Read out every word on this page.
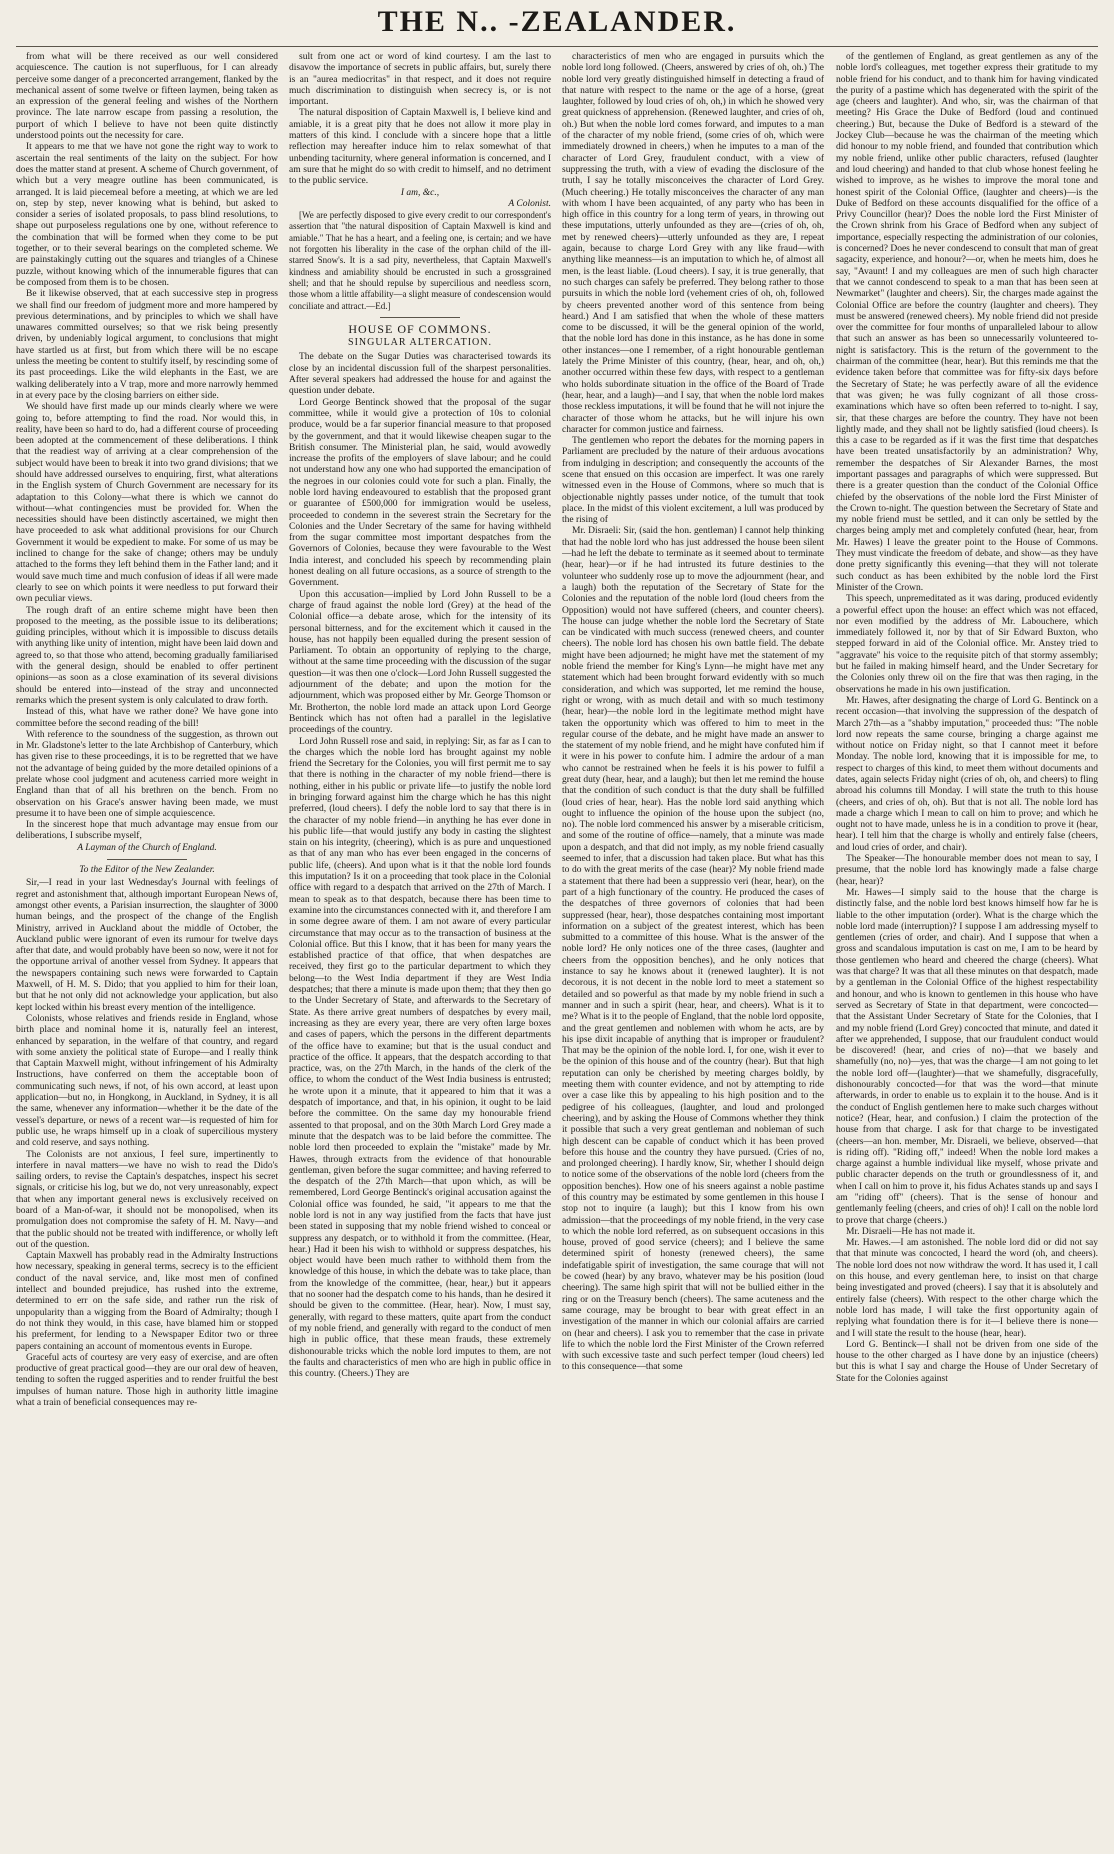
THE N.. -ZEALANDER.

from what will be there received as our well considered acquiescence. The caution is not superfluous, for I can already perceive some danger of a preconcerted arrangement, flanked by the mechanical assent of some twelve or fifteen laymen, being taken as an expression of the general feeling and wishes of the Northern province. The late narrow escape from passing a resolution, the purport of which I believe to have not been quite distinctly understood points out the necessity for care.

It appears to me that we have not gone the right way to work to ascertain the real sentiments of the laity on the subject. For how does the matter stand at present. A scheme of Church government, of which but a very meagre outline has been communicated, is arranged. It is laid piecemeal before a meeting, at which we are led on, step by step, never knowing what is behind, but asked to consider a series of isolated proposals, to pass blind resolutions, to shape out purposeless regulations one by one, without reference to the combination that will be formed when they come to be put together, or to their several bearings on the completed scheme. We are painstakingly cutting out the squares and triangles of a Chinese puzzle, without knowing which of the innumerable figures that can be composed from them is to be chosen.

Be it likewise observed, that at each successive step in progress we shall find our freedom of judgment more and more hampered by previous determinations, and by principles to which we shall have unawares committed ourselves; so that we risk being presently driven, by undeniably logical argument, to conclusions that might have startled us at first, but from which there will be no escape unless the meeting be content to stultify itself, by rescinding some of its past proceedings. Like the wild elephants in the East, we are walking deliberately into a V trap, more and more narrowly hemmed in at every pace by the closing barriers on either side.

We should have first made up our minds clearly where we were going to, before attempting to find the road. Nor would this, in reality, have been so hard to do, had a different course of proceeding been adopted at the commencement of these deliberations. I think that the readiest way of arriving at a clear comprehension of the subject would have been to break it into two grand divisions; that we should have addressed ourselves to enquiring, first, what alterations in the English system of Church Government are necessary for its adaptation to this Colony—what there is which we cannot do without—what contingencies must be provided for. When the necessities should have been distinctly ascertained, we might then have proceeded to ask what additional provisions for our Church Government it would be expedient to make. For some of us may be inclined to change for the sake of change; others may be unduly attached to the forms they left behind them in the Father land; and it would save much time and much confusion of ideas if all were made clearly to see on which points it were needless to put forward their own peculiar views.

The rough draft of an entire scheme might have been then proposed to the meeting, as the possible issue to its deliberations; guiding principles, without which it is impossible to discuss details with anything like unity of intention, might have been laid down and agreed to, so that those who attend, becoming gradually familiarised with the general design, should be enabled to offer pertinent opinions—as soon as a close examination of its several divisions should be entered into—instead of the stray and unconnected remarks which the present system is only calculated to draw forth.

Instead of this, what have we rather done? We have gone into committee before the second reading of the bill!

With reference to the soundness of the suggestion, as thrown out in Mr. Gladstone's letter to the late Archbishop of Canterbury, which has given rise to these proceedings, it is to be regretted that we have not the advantage of being guided by the more detailed opinions of a prelate whose cool judgment and acuteness carried more weight in England than that of all his brethren on the bench. From no observation on his Grace's answer having been made, we must presume it to have been one of simple acquiescence.

In the sincerest hope that much advantage may ensue from our deliberations, I subscribe myself,

A Layman of the Church of England.

To the Editor of the New Zealander.

Sir,—I read in your last Wednesday's Journal with feelings of regret and astonishment that, although important European News of, amongst other events, a Parisian insurrection, the slaughter of 3000 human beings, and the prospect of the change of the English Ministry, arrived in Auckland about the middle of October, the Auckland public were ignorant of even its rumour for twelve days after that date, and would probably have been so now, were it not for the opportune arrival of another vessel from Sydney. It appears that the newspapers containing such news were forwarded to Captain Maxwell, of H. M. S. Dido; that you applied to him for their loan, but that he not only did not acknowledge your application, but also kept locked within his breast every mention of the intelligence.

Colonists, whose relatives and friends reside in England, whose birth place and nominal home it is, naturally feel an interest, enhanced by separation, in the welfare of that country, and regard with some anxiety the political state of Europe—and I really think that Captain Maxwell might, without infringement of his Admiralty Instructions, have conferred on them the acceptable boon of communicating such news, if not, of his own accord, at least upon application—but no, in Hongkong, in Auckland, in Sydney, it is all the same, whenever any information—whether it be the date of the vessel's departure, or news of a recent war—is requested of him for public use, he wraps himself up in a cloak of supercilious mystery and cold reserve, and says nothing.

The Colonists are not anxious, I feel sure, impertinently to interfere in naval matters—we have no wish to read the Dido's sailing orders, to revise the Captain's despatches, inspect his secret signals, or criticise his log, but we do, not very unreasonably, expect that when any important general news is exclusively received on board of a Man-of-war, it should not be monopolised, when its promulgation does not compromise the safety of H. M. Navy—and that the public should not be treated with indifference, or wholly left out of the question.

Captain Maxwell has probably read in the Admiralty Instructions how necessary, speaking in general terms, secrecy is to the efficient conduct of the naval service, and, like most men of confined intellect and bounded prejudice, has rushed into the extreme, determined to err on the safe side, and rather run the risk of unpopularity than a wigging from the Board of Admiralty; though I do not think they would, in this case, have blamed him or stopped his preferment, for lending to a Newspaper Editor two or three papers containing an account of momentous events in Europe.

Graceful acts of courtesy are very easy of exercise, and are often productive of great practical good—they are our oral dew of heaven, tending to soften the rugged asperities and to render fruitful the best impulses of human nature. Those high in authority little imagine what a train of beneficial consequences may re-

sult from one act or word of kind courtesy. I am the last to disavow the importance of secrets in public affairs, but, surely there is an "aurea mediocritas" in that respect, and it does not require much discrimination to distinguish when secrecy is, or is not important.

The natural disposition of Captain Maxwell is, I believe kind and amiable, it is a great pity that he does not allow it more play in matters of this kind. I conclude with a sincere hope that a little reflection may hereafter induce him to relax somewhat of that unbending taciturnity, where general information is concerned, and I am sure that he might do so with credit to himself, and no detriment to the public service.

I am, &c.,

A Colonist.

[We are perfectly disposed to give every credit to our correspondent's assertion that "the natural disposition of Captain Maxwell is kind and amiable." That he has a heart, and a feeling one, is certain; and we have not forgotten his liberality in the case of the orphan child of the ill-starred Snow's. It is a sad pity, nevertheless, that Captain Maxwell's kindness and amiability should be encrusted in such a grossgrained shell; and that he should repulse by supercilious and needless scorn, those whom a little affability—a slight measure of condescension would conciliate and attract.—Ed.]

HOUSE OF COMMONS.
SINGULAR ALTERCATION.

The debate on the Sugar Duties was characterised towards its close by an incidental discussion full of the sharpest personalities. After several speakers had addressed the house for and against the question under debate.

Lord George Bentinck showed that the proposal of the sugar committee, while it would give a protection of 10s to colonial produce, would be a far superior financial measure to that proposed by the government, and that it would likewise cheapen sugar to the British consumer. The Ministerial plan, he said, would avowedly increase the profits of the employers of slave labour; and he could not understand how any one who had supported the emancipation of the negroes in our colonies could vote for such a plan. Finally, the noble lord having endeavoured to establish that the proposed grant or guarantee of £500,000 for immigration would be useless, proceeded to condemn in the severest strain the Secretary for the Colonies and the Under Secretary of the same for having withheld from the sugar committee most important despatches from the Governors of Colonies, because they were favourable to the West India interest, and concluded his speech by recommending plain honest dealing on all future occasions, as a source of strength to the Government.

Upon this accusation—implied by Lord John Russell to be a charge of fraud against the noble lord (Grey) at the head of the Colonial office—a debate arose, which for the intensity of its personal bitterness, and for the excitement which it caused in the house, has not happily been equalled during the present session of Parliament. To obtain an opportunity of replying to the charge, without at the same time proceeding with the discussion of the sugar question—it was then one o'clock—Lord John Russell suggested the adjournment of the debate; and upon the motion for the adjournment, which was proposed either by Mr. George Thomson or Mr. Brotherton, the noble lord made an attack upon Lord George Bentinck which has not often had a parallel in the legislative proceedings of the country.

Lord John Russell rose and said, in replying: Sir, as far as I can to the charges which the noble lord has brought against my noble friend the Secretary for the Colonies, you will first permit me to say that there is nothing in the character of my noble friend—there is nothing, either in his public or private life—to justify the noble lord in bringing forward against him the charge which he has this night preferred, (loud cheers). I defy the noble lord to say that there is in the character of my noble friend—in anything he has ever done in his public life—that would justify any body in casting the slightest stain on his integrity, (cheering), which is as pure and unquestioned as that of any man who has ever been engaged in the concerns of public life, (cheers). And upon what is it that the noble lord founds this imputation? Is it on a proceeding that took place in the Colonial office with regard to a despatch that arrived on the 27th of March. I mean to speak as to that despatch, because there has been time to examine into the circumstances connected with it, and therefore I am in some degree aware of them. I am not aware of every particular circumstance that may occur as to the transaction of business at the Colonial office. But this I know, that it has been for many years the established practice of that office, that when despatches are received, they first go to the particular department to which they belong—to the West India department if they are West India despatches; that there a minute is made upon them; that they then go to the Under Secretary of State, and afterwards to the Secretary of State. As there arrive great numbers of despatches by every mail, increasing as they are every year, there are very often large boxes and cases of papers, which the persons in the different departments of the office have to examine; but that is the usual conduct and practice of the office. It appears, that the despatch according to that practice, was, on the 27th March, in the hands of the clerk of the office, to whom the conduct of the West India business is entrusted; he wrote upon it a minute, that it appeared to him that it was a despatch of importance, and that, in his opinion, it ought to be laid before the committee. On the same day my honourable friend assented to that proposal, and on the 30th March Lord Grey made a minute that the despatch was to be laid before the committee. The noble lord then proceeded to explain the "mistake" made by Mr. Hawes, through extracts from the evidence of that honourable gentleman, given before the sugar committee; and having referred to the despatch of the 27th March—that upon which, as will be remembered, Lord George Bentinck's original accusation against the Colonial office was founded, he said, "it appears to me that the noble lord is not in any way justified from the facts that have just been stated in supposing that my noble friend wished to conceal or suppress any despatch, or to withhold it from the committee. (Hear, hear.) Had it been his wish to withhold or suppress despatches, his object would have been much rather to withhold them from the knowledge of this house, in which the debate was to take place, than from the knowledge of the committee, (hear, hear,) but it appears that no sooner had the despatch come to his hands, than he desired it should be given to the committee. (Hear, hear). Now, I must say, generally, with regard to these matters, quite apart from the conduct of my noble friend, and generally with regard to the conduct of men high in public office, that these mean frauds, these extremely dishonourable tricks which the noble lord imputes to them, are not the faults and characteristics of men who are high in public office in this country. (Cheers.) They are

characteristics of men who are engaged in pursuits which the noble lord long followed. (Cheers, answered by cries of oh, oh.) The noble lord very greatly distinguished himself in detecting a fraud of that nature with respect to the name or the age of a horse, (great laughter, followed by loud cries of oh, oh,) in which he showed very great quickness of apprehension. (Renewed laughter, and cries of oh, oh.) But when the noble lord comes forward, and imputes to a man of the character of my noble friend, (some cries of oh, which were immediately drowned in cheers,) when he imputes to a man of the character of Lord Grey, fraudulent conduct, with a view of suppressing the truth, with a view of evading the disclosure of the truth, I say he totally misconceives the character of Lord Grey. (Much cheering.) He totally misconceives the character of any man with whom I have been acquainted, of any party who has been in high office in this country for a long term of years, in throwing out these imputations, utterly unfounded as they are—(cries of oh, oh, met by renewed cheers)—utterly unfounded as they are, I repeat again, because to charge Lord Grey with any like fraud—with anything like meanness—is an imputation to which he, of almost all men, is the least liable. (Loud cheers). I say, it is true generally, that no such charges can safely be preferred. They belong rather to those pursuits in which the noble lord (vehement cries of oh, oh, followed by cheers prevented another word of this sentence from being heard.) And I am satisfied that when the whole of these matters come to be discussed, it will be the general opinion of the world, that the noble lord has done in this instance, as he has done in some other instances—one I remember, of a right honourable gentleman lately the Prime Minister of this country, (hear, hear, and oh, oh,) another occurred within these few days, with respect to a gentleman who holds subordinate situation in the office of the Board of Trade (hear, hear, and a laugh)—and I say, that when the noble lord makes those reckless imputations, it will be found that he will not injure the character of those whom he attacks, but he will injure his own character for common justice and fairness.

The gentlemen who report the debates for the morning papers in Parliament are precluded by the nature of their arduous avocations from indulging in description; and consequently the accounts of the scene that ensued on this occasion are imperfect. It was one rarely witnessed even in the House of Commons, where so much that is objectionable nightly passes under notice, of the tumult that took place. In the midst of this violent excitement, a lull was produced by the rising of

Mr. Disraeli: Sir, (said the hon. gentleman) I cannot help thinking that had the noble lord who has just addressed the house been silent—had he left the debate to terminate as it seemed about to terminate (hear, hear)—or if he had intrusted its future destinies to the volunteer who suddenly rose up to move the adjournment (hear, and a laugh) both the reputation of the Secretary of State for the Colonies and the reputation of the noble lord (loud cheers from the Opposition) would not have suffered (cheers, and counter cheers). The house can judge whether the noble lord the Secretary of State can be vindicated with much success (renewed cheers, and counter cheers). The noble lord has chosen his own battle field. The debate might have been adjourned; he might have met the statement of my noble friend the member for King's Lynn—he might have met any statement which had been brought forward evidently with so much consideration, and which was supported, let me remind the house, right or wrong, with as much detail and with so much testimony (hear, hear)—the noble lord in the legitimate method might have taken the opportunity which was offered to him to meet in the regular course of the debate, and he might have made an answer to the statement of my noble friend, and he might have confuted him if it were in his power to confute him. I admire the ardour of a man who cannot be restrained when he feels it is his power to fulfil a great duty (hear, hear, and a laugh); but then let me remind the house that the condition of such conduct is that the duty shall be fulfilled (loud cries of hear, hear). Has the noble lord said anything which ought to influence the opinion of the house upon the subject (no, no). The noble lord commenced his answer by a miserable criticism, and some of the routine of office—namely, that a minute was made upon a despatch, and that did not imply, as my noble friend casually seemed to infer, that a discussion had taken place. But what has this to do with the great merits of the case (hear)? My noble friend made a statement that there had been a suppressio veri (hear, hear), on the part of a high functionary of the country. He produced the cases of the despatches of three governors of colonies that had been suppressed (hear, hear), those despatches containing most important information on a subject of the greatest interest, which has been submitted to a committee of this house. What is the answer of the noble lord? He only notices one of the three cases, (laughter and cheers from the opposition benches), and he only notices that instance to say he knows about it (renewed laughter). It is not decorous, it is not decent in the noble lord to meet a statement so detailed and so powerful as that made by my noble friend in such a manner and in such a spirit (hear, hear, and cheers). What is it to me? What is it to the people of England, that the noble lord opposite, and the great gentlemen and noblemen with whom he acts, are by his ipse dixit incapable of anything that is improper or fraudulent? That may be the opinion of the noble lord. I, for one, wish it ever to be the opinion of this house and of the country (hear). But that high reputation can only be cherished by meeting charges boldly, by meeting them with counter evidence, and not by attempting to ride over a case like this by appealing to his high position and to the pedigree of his colleagues, (laughter, and loud and prolonged cheering), and by asking the House of Commons whether they think it possible that such a very great gentleman and nobleman of such high descent can be capable of conduct which it has been proved before this house and the country they have pursued. (Cries of no, and prolonged cheering). I hardly know, Sir, whether I should deign to notice some of the observations of the noble lord (cheers from the opposition benches). How one of his sneers against a noble pastime of this country may be estimated by some gentlemen in this house I stop not to inquire (a laugh); but this I know from his own admission—that the proceedings of my noble friend, in the very case to which the noble lord referred, as on subsequent occasions in this house, proved of good service (cheers); and I believe the same determined spirit of honesty (renewed cheers), the same indefatigable spirit of investigation, the same courage that will not be cowed (hear) by any bravo, whatever may be his position (loud cheering). The same high spirit that will not be bullied either in the ring or on the Treasury bench (cheers). The same acuteness and the same courage, may be brought to bear with great effect in an investigation of the manner in which our colonial affairs are carried on (hear and cheers). I ask you to remember that the case in private life to which the noble lord the First Minister of the Crown referred with such excessive taste and such perfect temper (loud cheers) led to this consequence—that some

of the gentlemen of England, as great gentlemen as any of the noble lord's colleagues, met together express their gratitude to my noble friend for his conduct, and to thank him for having vindicated the purity of a pastime which has degenerated with the spirit of the age (cheers and laughter). And who, sir, was the chairman of that meeting? His Grace the Duke of Bedford (loud and continued cheering.) But, because the Duke of Bedford is a steward of the Jockey Club—because he was the chairman of the meeting which did honour to my noble friend, and founded that contribution which my noble friend, unlike other public characters, refused (laughter and loud cheering) and handed to that club whose honest feeling he wished to improve, as he wishes to improve the moral tone and honest spirit of the Colonial Office, (laughter and cheers)—is the Duke of Bedford on these accounts disqualified for the office of a Privy Councillor (hear)? Does the noble lord the First Minister of the Crown shrink from his Grace of Bedford when any subject of importance, especially respecting the administration of our colonies, is concerned? Does he never condescend to consult that man of great sagacity, experience, and honour?—or, when he meets him, does he say, "Avaunt! I and my colleagues are men of such high character that we cannot condescend to speak to a man that has been seen at Newmarket" (laughter and cheers). Sir, the charges made against the Colonial Office are before the country (laughter and cheers). They must be answered (renewed cheers). My noble friend did not preside over the committee for four months of unparalleled labour to allow that such an answer as has been so unnecessarily volunteered to-night is satisfactory. This is the return of the government to the chairman of the committee (hear, hear). But this reminds me that the evidence taken before that committee was for fifty-six days before the Secretary of State; he was perfectly aware of all the evidence that was given; he was fully cognizant of all those cross-examinations which have so often been referred to to-night. I say, sir, that these charges are before the country. They have not been lightly made, and they shall not be lightly satisfied (loud cheers). Is this a case to be regarded as if it was the first time that despatches have been treated unsatisfactorily by an administration? Why, remember the despatches of Sir Alexander Barnes, the most important passages and paragraphs of which were suppressed. But there is a greater question than the conduct of the Colonial Office chiefed by the observations of the noble lord the First Minister of the Crown to-night. The question between the Secretary of State and my noble friend must be settled, and it can only be settled by the charges being amply met and completely confuted (hear, hear, from Mr. Hawes) I leave the greater point to the House of Commons. They must vindicate the freedom of debate, and show—as they have done pretty significantly this evening—that they will not tolerate such conduct as has been exhibited by the noble lord the First Minister of the Crown.

This speech, unpremeditated as it was daring, produced evidently a powerful effect upon the house: an effect which was not effaced, nor even modified by the address of Mr. Labouchere, which immediately followed it, nor by that of Sir Edward Buxton, who stepped forward in aid of the Colonial office. Mr. Anstey tried to "aggravate" his voice to the requisite pitch of that stormy assembly; but he failed in making himself heard, and the Under Secretary for the Colonies only threw oil on the fire that was then raging, in the observations he made in his own justification.

Mr. Hawes, after designating the charge of Lord G. Bentinck on a recent occasion—that involving the suppression of the despatch of March 27th—as a "shabby imputation," proceeded thus: "The noble lord now repeats the same course, bringing a charge against me without notice on Friday night, so that I cannot meet it before Monday. The noble lord, knowing that it is impossible for me, to respect to charges of this kind, to meet them without documents and dates, again selects Friday night (cries of oh, oh, and cheers) to fling abroad his columns till Monday. I will state the truth to this house (cheers, and cries of oh, oh). But that is not all. The noble lord has made a charge which I mean to call on him to prove; and which he ought not to have made, unless he is in a condition to prove it (hear, hear). I tell him that the charge is wholly and entirely false (cheers, and loud cries of order, and chair).

The Speaker—The honourable member does not mean to say, I presume, that the noble lord has knowingly made a false charge (hear, hear)?

Mr. Hawes—I simply said to the house that the charge is distinctly false, and the noble lord best knows himself how far he is liable to the other imputation (order). What is the charge which the noble lord made (interruption)? I suppose I am addressing myself to gentlemen (cries of order, and chair). And I suppose that when a gross and scandalous imputation is cast on me, I am to be heard by those gentlemen who heard and cheered the charge (cheers). What was that charge? It was that all these minutes on that despatch, made by a gentleman in the Colonial Office of the highest respectability and honour, and who is known to gentlemen in this house who have served as Secretary of State in that department, were concocted—that the Assistant Under Secretary of State for the Colonies, that I and my noble friend (Lord Grey) concocted that minute, and dated it after we apprehended, I suppose, that our fraudulent conduct would be discovered! (hear, and cries of no)—that we basely and shamefully (no, no)—yes, that was the charge—I am not going to let the noble lord off—(laughter)—that we shamefully, disgracefully, dishonourably concocted—for that was the word—that minute afterwards, in order to enable us to explain it to the house. And is it the conduct of English gentlemen here to make such charges without notice? (Hear, hear, and confusion.) I claim the protection of the house from that charge. I ask for that charge to be investigated (cheers—an hon. member, Mr. Disraeli, we believe, observed—that is riding off). "Riding off," indeed! When the noble lord makes a charge against a humble individual like myself, whose private and public character depends on the truth or groundlessness of it, and when I call on him to prove it, his fidus Achates stands up and says I am "riding off" (cheers). That is the sense of honour and gentlemanly feeling (cheers, and cries of oh)! I call on the noble lord to prove that charge (cheers.)

Mr. Disraeli—He has not made it.

Mr. Hawes.—I am astonished. The noble lord did or did not say that that minute was concocted, I heard the word (oh, and cheers). The noble lord does not now withdraw the word. It has used it, I call on this house, and every gentleman here, to insist on that charge being investigated and proved (cheers). I say that it is absolutely and entirely false (cheers). With respect to the other charge which the noble lord has made, I will take the first opportunity again of replying what foundation there is for it—I believe there is none—and I will state the result to the house (hear, hear).

Lord G. Bentinck—I shall not be driven from one side of the house to the other charged as I have done by an injustice (cheers) but this is what I say and charge the House of Under Secretary of State for the Colonies against
